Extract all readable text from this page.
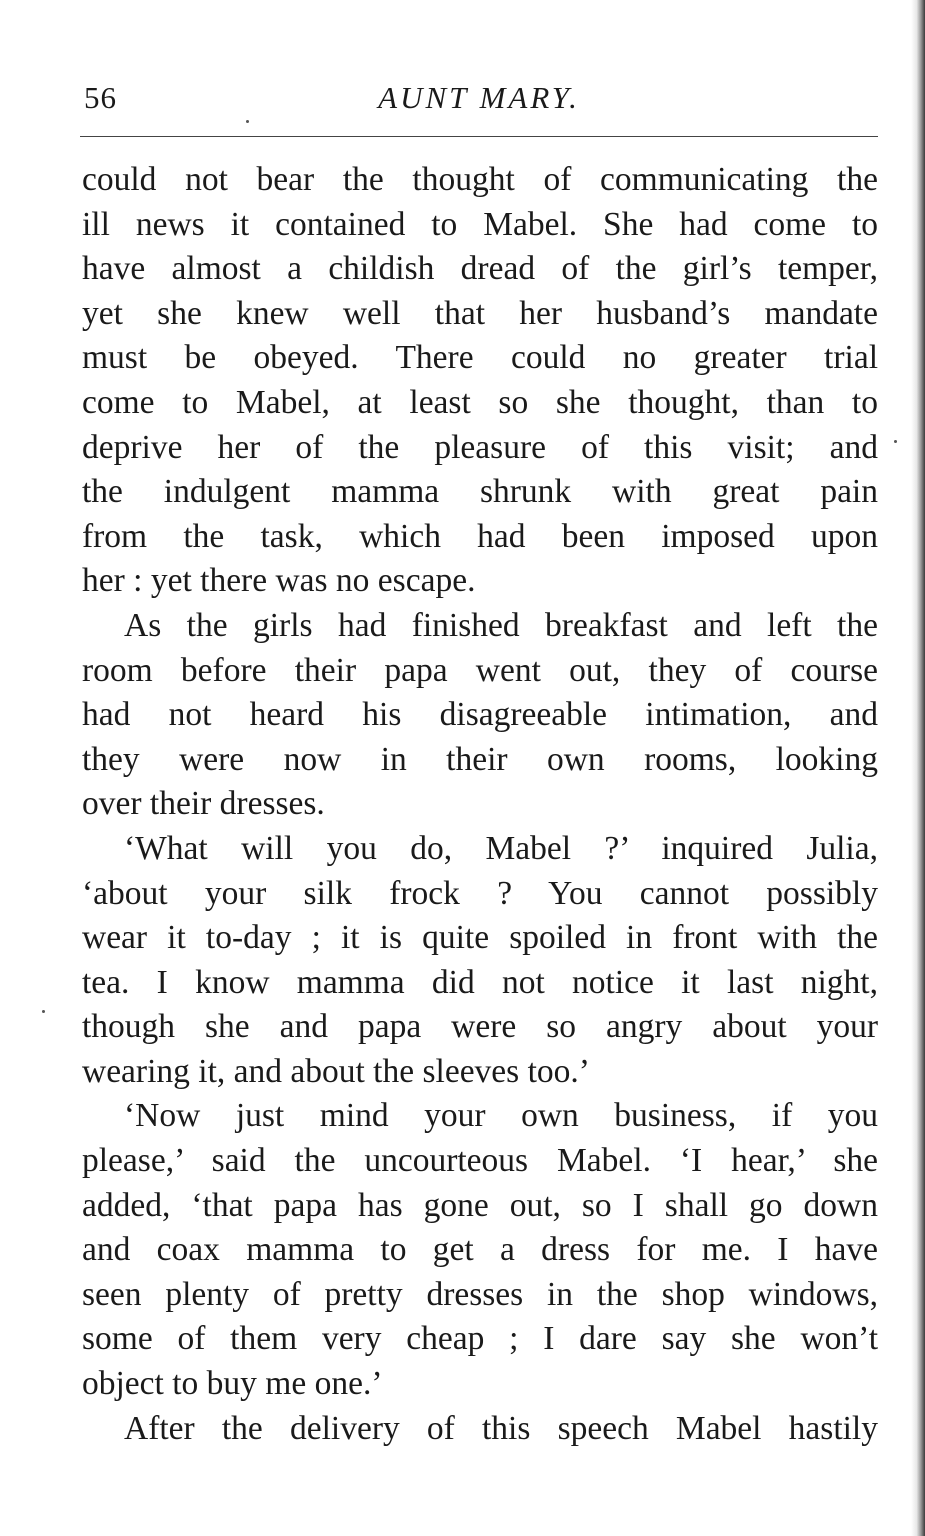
56	AUNT MARY.
could not bear the thought of communicating the
ill news it contained to Mabel. She had come to
have almost a childish dread of the girl’s temper,
yet she knew well that her husband’s mandate
must be obeyed. There could no greater trial
come to Mabel, at least so she thought, than to
deprive her of the pleasure of this visit; and
the indulgent mamma shrunk with great pain
from the task, which had been imposed upon
her : yet there was no escape.
As the girls had finished breakfast and left the
room before their papa went out, they of course
had not heard his disagreeable intimation, and
they were now in their own rooms, looking
over their dresses.
‘What will you do, Mabel ?’ inquired Julia,
‘about your silk frock ? You cannot possibly
wear it to-day ; it is quite spoiled in front with the
tea. I know mamma did not notice it last night,
though she and papa were so angry about your
wearing it, and about the sleeves too.’
‘Now just mind your own business, if you
please,’ said the uncourteous Mabel. ‘I hear,’ she
added, ‘that papa has gone out, so I shall go down
and coax mamma to get a dress for me. I have
seen plenty of pretty dresses in the shop windows,
some of them very cheap ; I dare say she won’t
object to buy me one.’
After the delivery of this speech Mabel hastily
